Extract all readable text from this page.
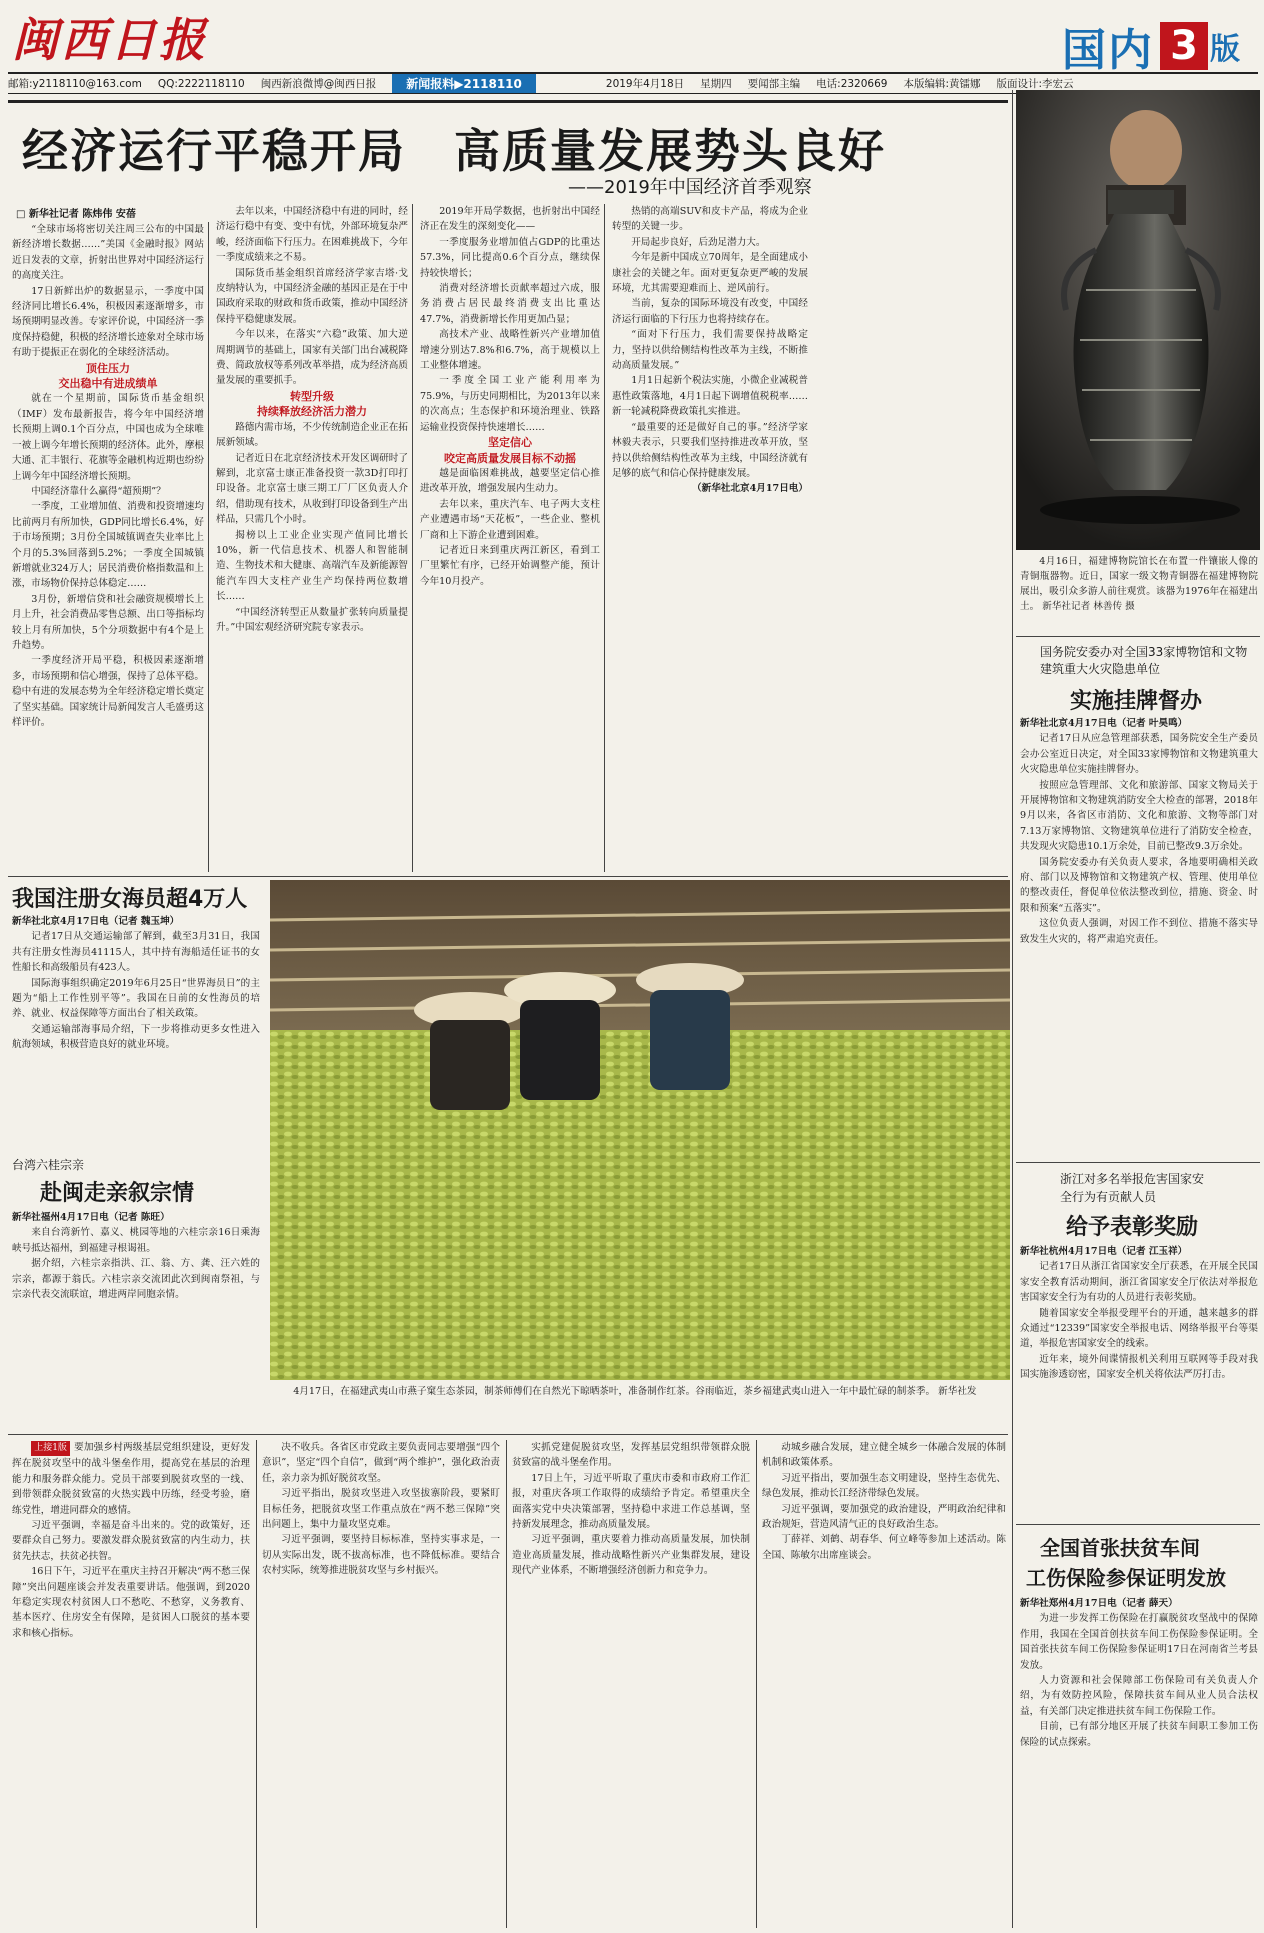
闽西日报	国内 3 版
邮箱:y2118110@163.com QQ:2222118110 闽西新浪微博@闽西日报	新闻报料▶2118110	2019年4月18日 星期四 要闻部主编 电话:2320669 本版编辑:黄镭娜 版面设计:李宏云
经济运行平稳开局　高质量发展势头良好
——2019年中国经济首季观察
□ 新华社记者 陈炜伟 安蓓

“全球市场将密切关注周三公布的中国最新经济增长数据……”美国《金融时报》网站近日发表的文章，折射出世界对中国经济运行的高度关注。

17日新鲜出炉的数据显示，一季度中国经济同比增长6.4%，积极因素逐渐增多，市场预期明显改善。专家评价说，中国经济一季度保持稳健，积极的经济增长迹象对全球市场有助于提振正在弱化的全球经济活动。

顶住压力

交出稳中有进成绩单

就在一个星期前，国际货币基金组织（IMF）发布最新报告，将今年中国经济增长预期上调0.1个百分点，中国也成为全球唯一被上调今年增长预期的经济体。此外，摩根大通、汇丰银行、花旗等金融机构近期也纷纷上调今年中国经济增长预期。

中国经济靠什么赢得“超预期”？

一季度，工业增加值、消费和投资增速均比前两月有所加快，GDP同比增长6.4%，好于市场预期；3月份全国城镇调查失业率比上个月的5.3%回落到5.2%；一季度全国城镇新增就业324万人；居民消费价格指数温和上涨，市场物价保持总体稳定……

3月份，新增信贷和社会融资规模增长上月上升，社会消费品零售总额、出口等指标均较上月有所加快，5个分项数据中有4个是上升趋势。

一季度经济开局平稳，积极因素逐渐增多，市场预期和信心增强，保持了总体平稳。稳中有进的发展态势为全年经济稳定增长奠定了坚实基础。国家统计局新闻发言人毛盛勇这样评价。

去年以来，中国经济稳中有进的同时，经济运行稳中有变、变中有忧，外部环境复杂严峻，经济面临下行压力。在困难挑战下，今年一季度成绩来之不易。

国际货币基金组织首席经济学家吉塔·戈皮纳特认为，中国经济金融的基因正是在于中国政府采取的财政和货币政策，推动中国经济保持平稳健康发展。

今年以来，在落实“六稳”政策、加大逆周期调节的基础上，国家有关部门出台减税降费、简政放权等系列改革举措，成为经济高质量发展的重要抓手。

转型升级

持续释放经济活力潜力

路德内需市场，不少传统制造企业正在拓展新领域。

记者近日在北京经济技术开发区调研时了解到，北京富士康正准备投资一款3D打印打印设备。北京富士康三期工厂厂区负责人介绍，借助现有技术，从收到打印设备到生产出样品，只需几个小时。

揭榜以上工业企业实现产值同比增长10%，新一代信息技术、机器人和智能制造、生物技术和大健康、高端汽车及新能源智能汽车四大支柱产业生产均保持两位数增长……

“中国经济转型正从数量扩张转向质量提升。”中国宏观经济研究院专家表示。

2019年开局学数据，也折射出中国经济正在发生的深刻变化——

一季度服务业增加值占GDP的比重达57.3%，同比提高0.6个百分点，继续保持较快增长；

消费对经济增长贡献率超过六成，服务消费占居民最终消费支出比重达47.7%，消费新增长作用更加凸显；

高技术产业、战略性新兴产业增加值增速分别达7.8%和6.7%，高于规模以上工业整体增速。

一季度全国工业产能利用率为75.9%，与历史同期相比，为2013年以来的次高点；生态保护和环境治理业、铁路运输业投资保持快速增长……

坚定信心

咬定高质量发展目标不动摇

越是面临困难挑战，越要坚定信心推进改革开放，增强发展内生动力。

去年以来，重庆汽车、电子两大支柱产业遭遇市场“天花板”，一些企业、整机厂商和上下游企业遭到困难。

记者近日来到重庆两江新区，看到工厂里繁忙有序，已经开始调整产能，预计今年10月投产。

热销的高端SUV和皮卡产品，将成为企业转型的关键一步。

开局起步良好，后劲足潜力大。

今年是新中国成立70周年，是全面建成小康社会的关键之年。面对更复杂更严峻的发展环境，尤其需要迎难而上、逆风前行。

当前，复杂的国际环境没有改变，中国经济运行面临的下行压力也将持续存在。

“面对下行压力，我们需要保持战略定力，坚持以供给侧结构性改革为主线，不断推动高质量发展。”

1月1日起新个税法实施，小微企业减税普惠性政策落地，4月1日起下调增值税税率……新一轮减税降费政策扎实推进。

“最重要的还是做好自己的事。”经济学家林毅夫表示，只要我们坚持推进改革开放，坚持以供给侧结构性改革为主线，中国经济就有足够的底气和信心保持健康发展。

（新华社北京4月17日电）

4月16日，福建博物院馆长在布置一件镶嵌人像的青铜瓶器物。近日，国家一级文物青铜器在福建博物院展出，吸引众多游人前往观赏。该器为1976年在福建出土。 新华社记者 林善传 摄
国务院安委办对全国33家博物馆和文物建筑重大火灾隐患单位
实施挂牌督办

新华社北京4月17日电（记者 叶昊鸣）

记者17日从应急管理部获悉，国务院安全生产委员会办公室近日决定，对全国33家博物馆和文物建筑重大火灾隐患单位实施挂牌督办。

按照应急管理部、文化和旅游部、国家文物局关于开展博物馆和文物建筑消防安全大检查的部署，2018年9月以来，各省区市消防、文化和旅游、文物等部门对7.13万家博物馆、文物建筑单位进行了消防安全检查，共发现火灾隐患10.1万余处，目前已整改9.3万余处。

国务院安委办有关负责人要求，各地要明确相关政府、部门以及博物馆和文物建筑产权、管理、使用单位的整改责任，督促单位依法整改到位，措施、资金、时限和预案“五落实”。

这位负责人强调，对因工作不到位、措施不落实导致发生火灾的，将严肃追究责任。

浙江对多名举报危害国家安
全行为有贡献人员
给予表彰奖励

新华社杭州4月17日电（记者 江玉祥）

记者17日从浙江省国家安全厅获悉，在开展全民国家安全教育活动期间，浙江省国家安全厅依法对举报危害国家安全行为有功的人员进行表彰奖励。

随着国家安全举报受理平台的开通，越来越多的群众通过“12339”国家安全举报电话、网络举报平台等渠道，举报危害国家安全的线索。

近年来，境外间谍情报机关利用互联网等手段对我国实施渗透窃密，国家安全机关将依法严厉打击。

全国首张扶贫车间
工伤保险参保证明发放

新华社郑州4月17日电（记者 薛天）

为进一步发挥工伤保险在打赢脱贫攻坚战中的保障作用，我国在全国首创扶贫车间工伤保险参保证明。全国首张扶贫车间工伤保险参保证明17日在河南省兰考县发放。

人力资源和社会保障部工伤保险司有关负责人介绍，为有效防控风险，保障扶贫车间从业人员合法权益，有关部门决定推进扶贫车间工伤保险工作。

目前，已有部分地区开展了扶贫车间职工参加工伤保险的试点探索。

我国注册女海员超4万人

新华社北京4月17日电（记者 魏玉坤）

记者17日从交通运输部了解到，截至3月31日，我国共有注册女性海员41115人，其中持有海船适任证书的女性船长和高级船员有423人。

国际海事组织确定2019年6月25日“世界海员日”的主题为“船上工作性别平等”。我国在日前的女性海员的培养、就业、权益保障等方面出台了相关政策。

交通运输部海事局介绍，下一步将推动更多女性进入航海领域，积极营造良好的就业环境。

台湾六桂宗亲
赴闽走亲叙宗情

新华社福州4月17日电（记者 陈旺）

来自台湾新竹、嘉义、桃园等地的六桂宗亲16日乘海峡号抵达福州，到福建寻根谒祖。

据介绍，六桂宗亲指洪、江、翁、方、龚、汪六姓的宗亲，都源于翁氏。六桂宗亲交流团此次到闽南祭祖，与宗亲代表交流联谊，增进两岸同胞亲情。

4月17日，在福建武夷山市燕子窠生态茶园，制茶师傅们在自然光下晾晒茶叶，准备制作红茶。谷雨临近，茶乡福建武夷山进入一年中最忙碌的制茶季。 新华社发

上接1版 要加强乡村两级基层党组织建设，更好发挥在脱贫攻坚中的战斗堡垒作用，提高党在基层的治理能力和服务群众能力。党员干部要到脱贫攻坚的一线、到带领群众脱贫致富的火热实践中历练，经受考验，磨练党性，增进同群众的感情。

习近平强调，幸福是奋斗出来的。党的政策好，还要群众自己努力。要激发群众脱贫致富的内生动力，扶贫先扶志，扶贫必扶智。

16日下午，习近平在重庆主持召开解决“两不愁三保障”突出问题座谈会并发表重要讲话。他强调，到2020年稳定实现农村贫困人口不愁吃、不愁穿，义务教育、基本医疗、住房安全有保障，是贫困人口脱贫的基本要求和核心指标。

决不收兵。各省区市党政主要负责同志要增强“四个意识”，坚定“四个自信”，做到“两个维护”，强化政治责任，亲力亲为抓好脱贫攻坚。

习近平指出，脱贫攻坚进入攻坚拔寨阶段，要紧盯目标任务，把脱贫攻坚工作重点放在“两不愁三保障”突出问题上，集中力量攻坚克难。

习近平强调，要坚持目标标准，坚持实事求是，一切从实际出发，既不拔高标准，也不降低标准。要结合农村实际，统筹推进脱贫攻坚与乡村振兴。

实抓党建促脱贫攻坚，发挥基层党组织带领群众脱贫致富的战斗堡垒作用。

17日上午，习近平听取了重庆市委和市政府工作汇报，对重庆各项工作取得的成绩给予肯定。希望重庆全面落实党中央决策部署，坚持稳中求进工作总基调，坚持新发展理念，推动高质量发展。

习近平强调，重庆要着力推动高质量发展，加快制造业高质量发展，推动战略性新兴产业集群发展，建设现代产业体系，不断增强经济创新力和竞争力。

动城乡融合发展，建立健全城乡一体融合发展的体制机制和政策体系。

习近平指出，要加强生态文明建设，坚持生态优先、绿色发展，推动长江经济带绿色发展。

习近平强调，要加强党的政治建设，严明政治纪律和政治规矩，营造风清气正的良好政治生态。

丁薛祥、刘鹤、胡春华、何立峰等参加上述活动。陈全国、陈敏尔出席座谈会。
